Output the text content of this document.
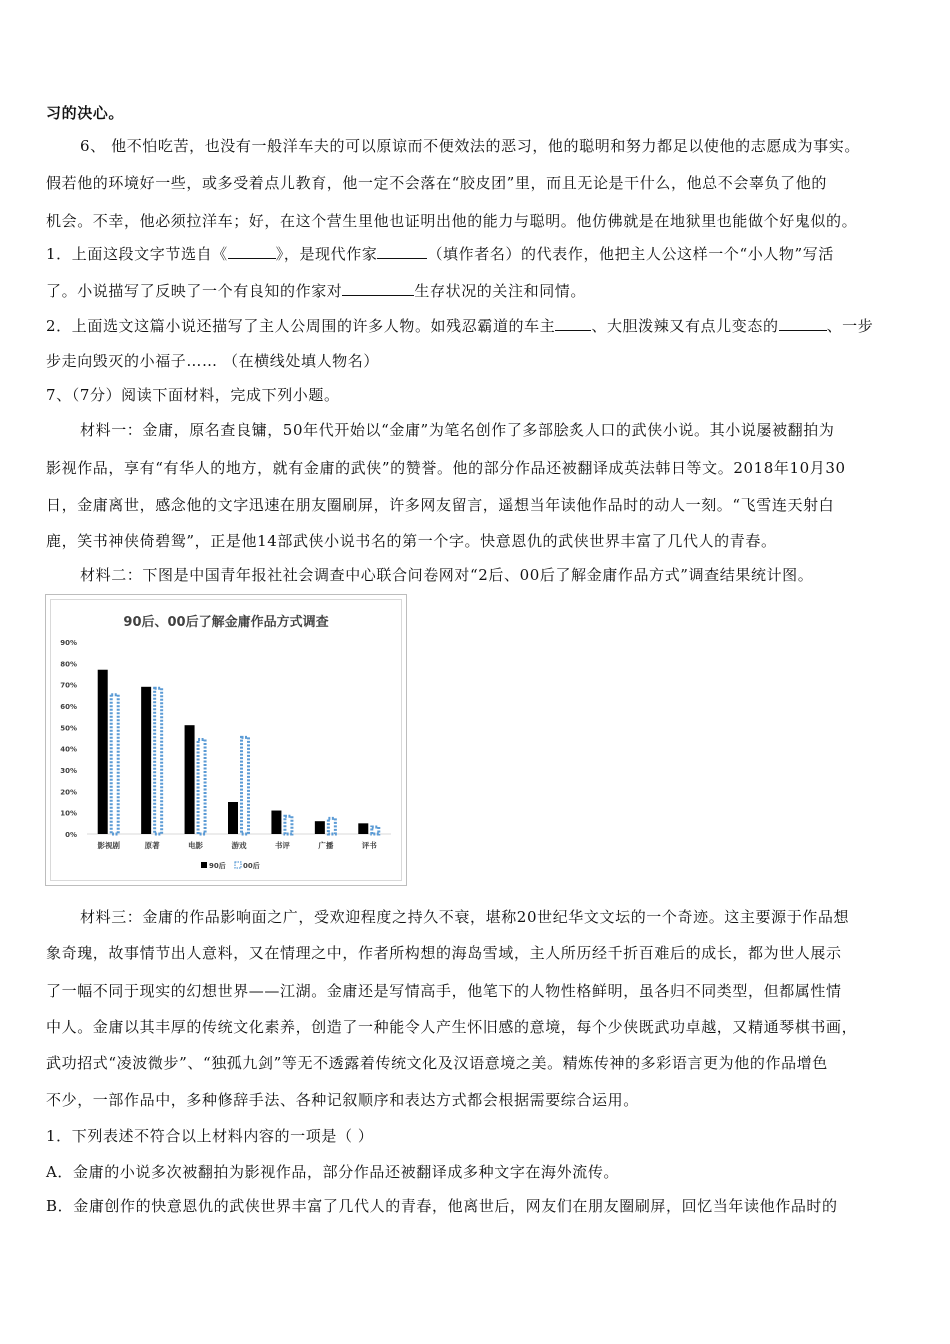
习的决心。
6、 他不怕吃苦，也没有一般洋车夫的可以原谅而不便效法的恶习，他的聪明和努力都足以使他的志愿成为事实。
假若他的环境好一些，或多受着点儿教育，他一定不会落在“胶皮团”里，而且无论是干什么，他总不会辜负了他的
机会。不幸，他必须拉洋车；好，在这个营生里他也证明出他的能力与聪明。他仿佛就是在地狱里也能做个好鬼似的。
1．上面这段文字节选自《	》，是现代作家	（填作者名）的代表作，他把主人公这样一个“小人物”写活
了。小说描写了反映了一个有良知的作家对	生存状况的关注和同情。
2．上面选文这篇小说还描写了主人公周围的许多人物。如残忍霸道的车主 、大胆泼辣又有点儿变态的	、一步
步走向毁灭的小福子…… （在横线处填人物名）
7、（7分）阅读下面材料，完成下列小题。
材料一：金庸，原名查良镛，50年代开始以“金庸”为笔名创作了多部脍炙人口的武侠小说。其小说屡被翻拍为
影视作品，享有“有华人的地方，就有金庸的武侠”的赞誉。他的部分作品还被翻译成英法韩日等文。2018年10月30
日，金庸离世，感念他的文字迅速在朋友圈刷屏，许多网友留言，遥想当年读他作品时的动人一刻。“飞雪连天射白
鹿，笑书神侠倚碧鸳”，正是他14部武侠小说书名的第一个字。快意恩仇的武侠世界丰富了几代人的青春。
材料二：下图是中国青年报社社会调查中心联合问卷网对“2后、00后了解金庸作品方式”调查结果统计图。
90后、00后了解金庸作品方式调查
0%
10%
20%
30%
40%
50%
60%
70%
80%
90%
影视剧	原著	电影	游戏	书评	广播	评书
90后 00后
材料三：金庸的作品影响面之广，受欢迎程度之持久不衰，堪称20世纪华文文坛的一个奇迹。这主要源于作品想
象奇瑰，故事情节出人意料，又在情理之中，作者所构想的海岛雪域，主人所历经千折百难后的成长，都为世人展示
了一幅不同于现实的幻想世界——江湖。金庸还是写情高手，他笔下的人物性格鲜明，虽各归不同类型，但都属性情
中人。金庸以其丰厚的传统文化素养，创造了一种能令人产生怀旧感的意境，每个少侠既武功卓越，又精通琴棋书画，
武功招式“凌波微步”、“独孤九剑”等无不透露着传统文化及汉语意境之美。精炼传神的多彩语言更为他的作品增色
不少，一部作品中，多种修辞手法、各种记叙顺序和表达方式都会根据需要综合运用。
1．下列表述不符合以上材料内容的一项是（ ）
A．金庸的小说多次被翻拍为影视作品，部分作品还被翻译成多种文字在海外流传。
B．金庸创作的快意恩仇的武侠世界丰富了几代人的青春，他离世后，网友们在朋友圈刷屏，回忆当年读他作品时的
